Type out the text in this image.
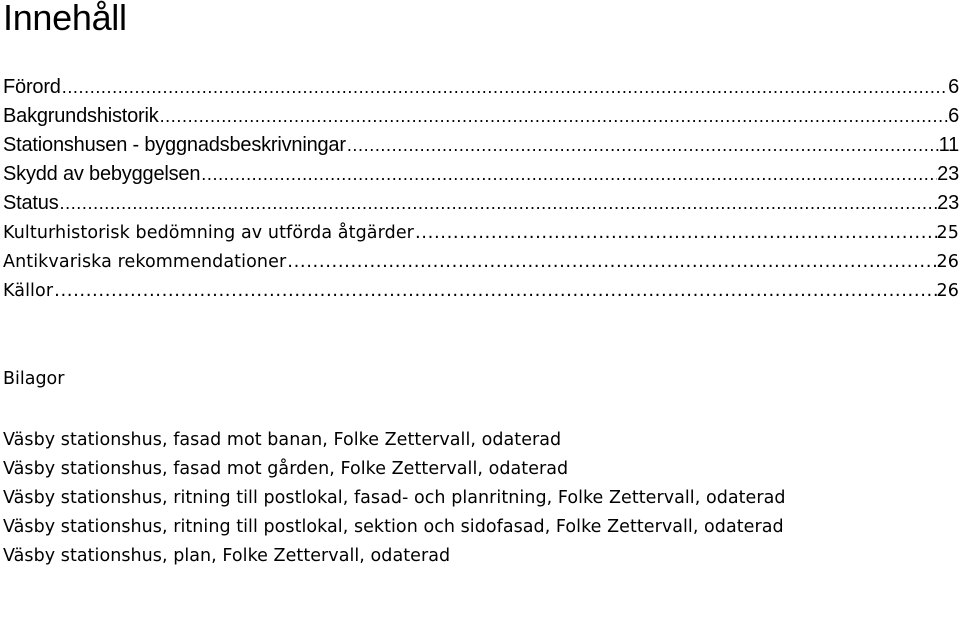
Innehåll
Förord .....	6
Bakgrundshistorik .....	6
Stationshusen - byggnadsbeskrivningar .....	11
Skydd av bebyggelsen .....	23
Status .....	23
Kulturhistorisk bedömning av utförda åtgärder .....	25
Antikvariska rekommendationer .....	26
Källor .....	26
Bilagor
Väsby stationshus, fasad mot banan, Folke Zettervall, odaterad
Väsby stationshus, fasad mot gården, Folke Zettervall, odaterad
Väsby stationshus, ritning till postlokal, fasad- och planritning, Folke Zettervall, odaterad
Väsby stationshus, ritning till postlokal, sektion och sidofasad, Folke Zettervall, odaterad
Väsby stationshus, plan, Folke Zettervall, odaterad
